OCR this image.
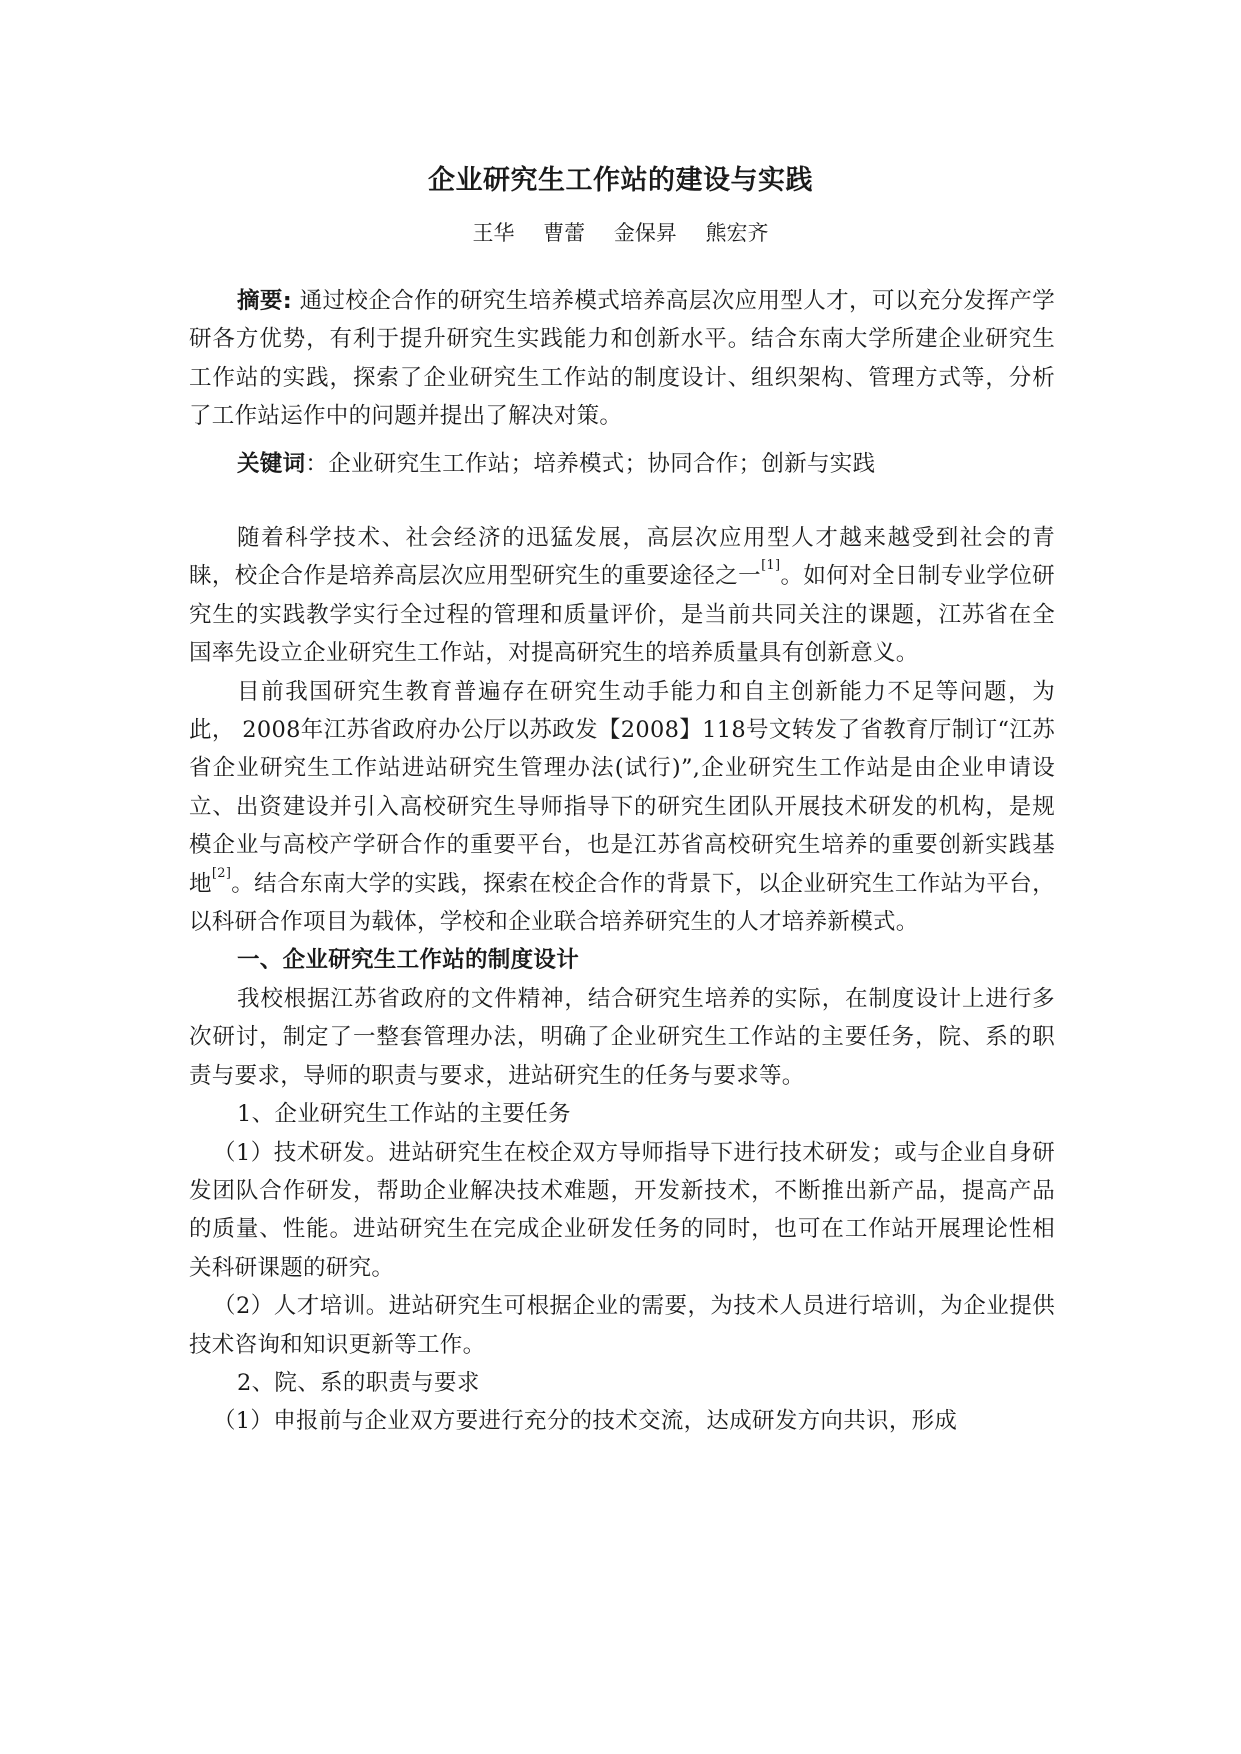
企业研究生工作站的建设与实践
王华 曹蕾 金保昇 熊宏齐

摘要: 通过校企合作的研究生培养模式培养高层次应用型人才，可以充分发挥产学研各方优势，有利于提升研究生实践能力和创新水平。结合东南大学所建企业研究生工作站的实践，探索了企业研究生工作站的制度设计、组织架构、管理方式等，分析了工作站运作中的问题并提出了解决对策。

关键词：企业研究生工作站；培养模式；协同合作；创新与实践

随着科学技术、社会经济的迅猛发展，高层次应用型人才越来越受到社会的青睐，校企合作是培养高层次应用型研究生的重要途径之一[1]。如何对全日制专业学位研究生的实践教学实行全过程的管理和质量评价，是当前共同关注的课题，江苏省在全国率先设立企业研究生工作站，对提高研究生的培养质量具有创新意义。

目前我国研究生教育普遍存在研究生动手能力和自主创新能力不足等问题，为此， 2008年江苏省政府办公厅以苏政发【2008】118号文转发了省教育厅制订“江苏省企业研究生工作站进站研究生管理办法(试行)”,企业研究生工作站是由企业申请设立、出资建设并引入高校研究生导师指导下的研究生团队开展技术研发的机构，是规模企业与高校产学研合作的重要平台，也是江苏省高校研究生培养的重要创新实践基地[2]。结合东南大学的实践，探索在校企合作的背景下，以企业研究生工作站为平台，以科研合作项目为载体，学校和企业联合培养研究生的人才培养新模式。

一、企业研究生工作站的制度设计

我校根据江苏省政府的文件精神，结合研究生培养的实际，在制度设计上进行多次研讨，制定了一整套管理办法，明确了企业研究生工作站的主要任务，院、系的职责与要求，导师的职责与要求，进站研究生的任务与要求等。

1、企业研究生工作站的主要任务

（1）技术研发。进站研究生在校企双方导师指导下进行技术研发；或与企业自身研发团队合作研发，帮助企业解决技术难题，开发新技术，不断推出新产品，提高产品的质量、性能。进站研究生在完成企业研发任务的同时，也可在工作站开展理论性相关科研课题的研究。

（2）人才培训。进站研究生可根据企业的需要，为技术人员进行培训，为企业提供技术咨询和知识更新等工作。

2、院、系的职责与要求

（1）申报前与企业双方要进行充分的技术交流，达成研发方向共识，形成
